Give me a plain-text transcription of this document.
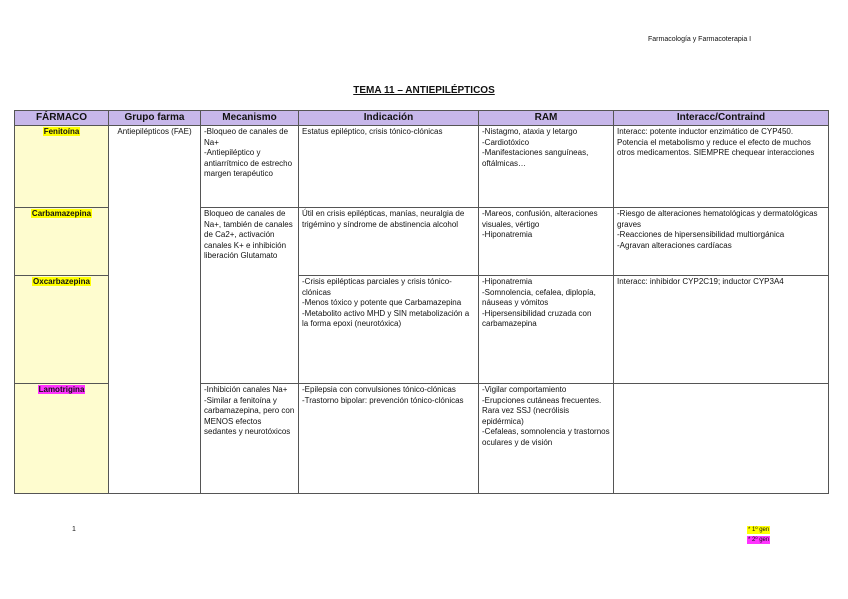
Farmacología y Farmacoterapia I
TEMA 11 – ANTIEPILÉPTICOS
FÁRMACO	Grupo farma	Mecanismo	Indicación	RAM	Interacc/Contraind
Fenitoína	Antiepilépticos (FAE)	-Bloqueo de canales de Na+
-Antiepiléptico y antiarrítmico de estrecho margen terapéutico	Estatus epiléptico, crisis tónico-clónicas	-Nistagmo, ataxia y letargo
-Cardiotóxico
-Manifestaciones sanguíneas, oftálmicas…	Interacc: potente inductor enzimático de CYP450. Potencia el metabolismo y reduce el efecto de muchos otros medicamentos. SIEMPRE chequear interacciones

Carbamazepina		Bloqueo de canales de Na+, también de canales de Ca2+, activación canales K+ e inhibición liberación Glutamato	Útil en crisis epilépticas, manías, neuralgia de trigémino y síndrome de abstinencia alcohol	-Mareos, confusión, alteraciones visuales, vértigo
-Hiponatremia	-Riesgo de alteraciones hematológicas y dermatológicas graves
-Reacciones de hipersensibilidad multiorgánica
-Agravan alteraciones cardíacas

Oxcarbazepina			-Crisis epilépticas parciales y crisis tónico-clónicas
-Menos tóxico y potente que Carbamazepina
-Metabolito activo MHD y SIN metabolización a la forma epoxi (neurotóxica)	-Hiponatremia
-Somnolencia, cefalea, diplopía, náuseas y vómitos
-Hipersensibilidad cruzada con carbamazepina	Interacc: inhibidor CYP2C19; inductor CYP3A4

Lamotrigina		-Inhibición canales Na+
-Similar a fenitoína y carbamazepina, pero con MENOS efectos sedantes y neurotóxicos	-Epilepsia con convulsiones tónico-clónicas
-Trastorno bipolar: prevención tónico-clónicas	-Vigilar comportamiento
-Erupciones cutáneas frecuentes. Rara vez SSJ (necrólisis epidérmica)
-Cefaleas, somnolencia y trastornos oculares y de visión	

1	* 1º gen
* 2º gen
